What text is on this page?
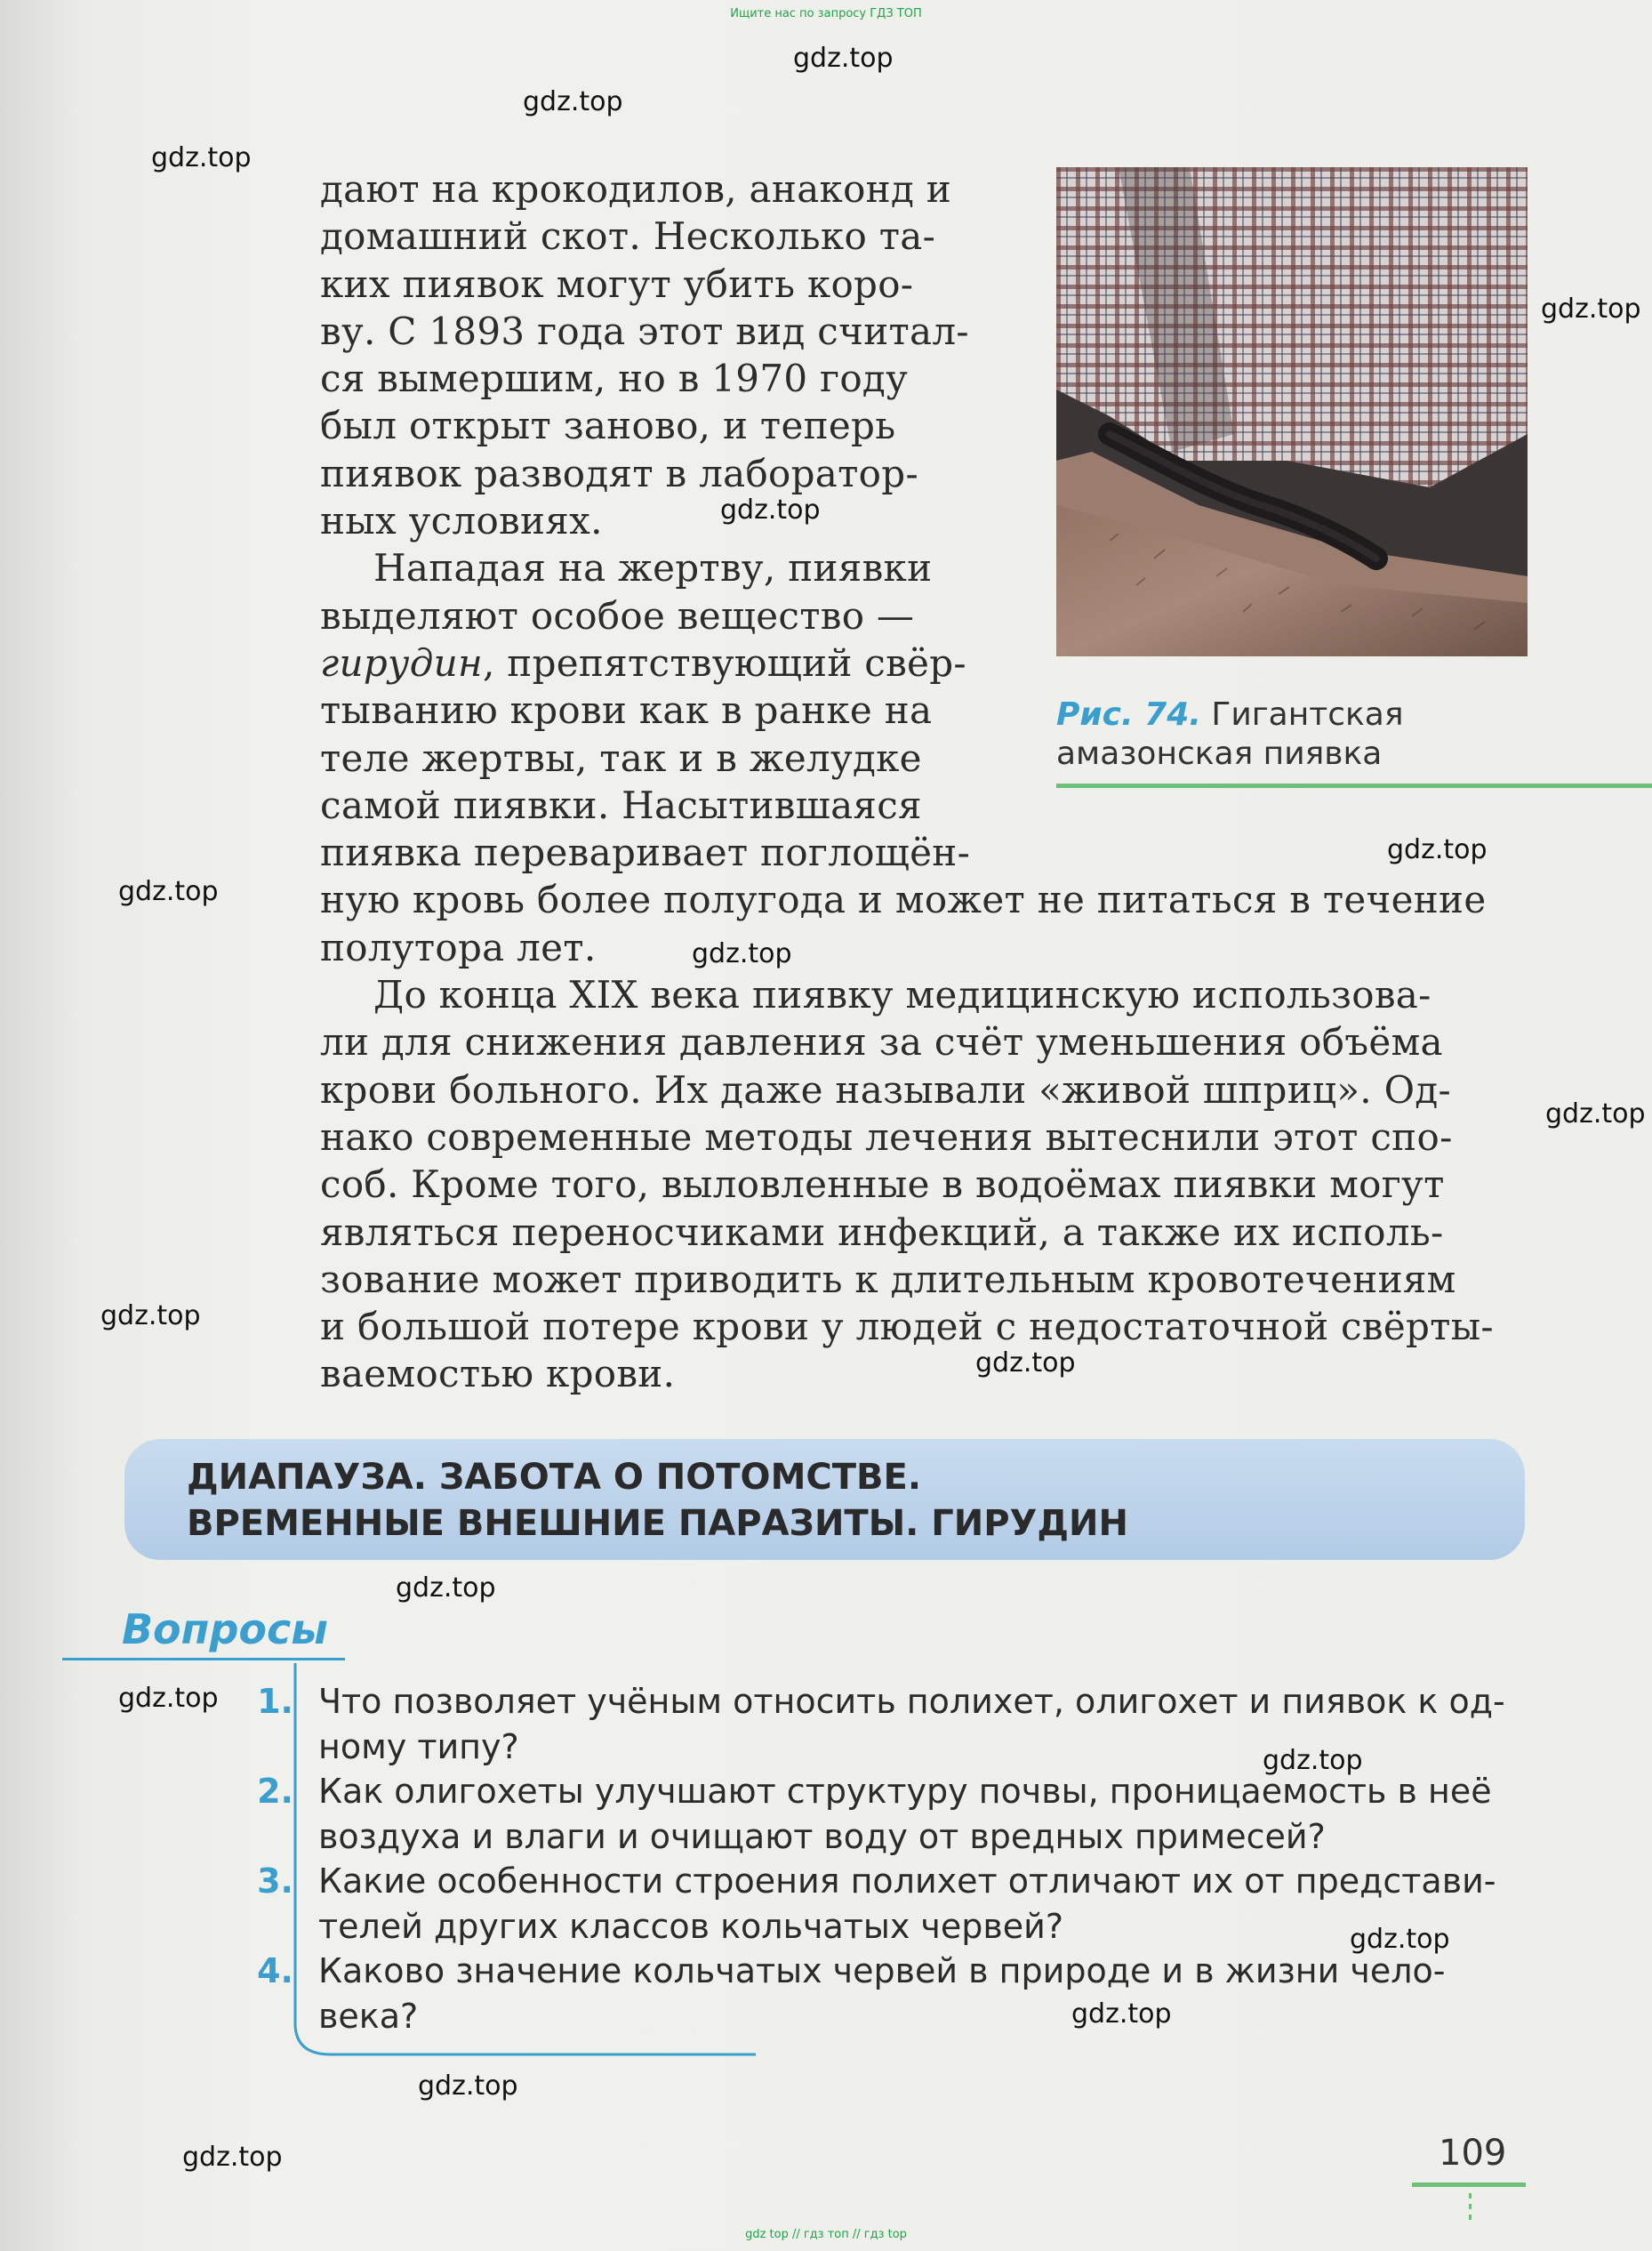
Ищите нас по запросу ГДЗ ТОП
gdz.top
gdz.top
gdz.top
gdz.top
gdz.top
gdz.top
gdz.top
gdz.top
gdz.top
gdz.top
gdz.top
gdz.top
gdz.top
gdz.top
gdz.top
gdz.top
gdz.top
gdz.top

дают на крокодилов, анаконд и

домашний скот. Несколько та-

ких пиявок могут убить коро-

ву. С 1893 года этот вид считал-

ся вымершим, но в 1970 году

был открыт заново, и теперь

пиявок разводят в лаборатор-

ных условиях.

Нападая на жертву, пиявки

выделяют особое вещество —

гирудин, препятствующий свёр-

тыванию крови как в ранке на

теле жертвы, так и в желудке

самой пиявки. Насытившаяся

пиявка переваривает поглощён-

ную кровь более полугода и может не питаться в течение

полутора лет.

До конца XIX века пиявку медицинскую использова-

ли для снижения давления за счёт уменьшения объёма

крови больного. Их даже называли «живой шприц». Од-

нако современные методы лечения вытеснили этот спо-

соб. Кроме того, выловленные в водоёмах пиявки могут

являться переносчиками инфекций, а также их исполь-

зование может приводить к длительным кровотечениям

и большой потере крови у людей с недостаточной свёрты-

ваемостью крови.

Рис. 74. Гигантская
амазонская пиявка
ДИАПАУЗА. ЗАБОТА О ПОТОМСТВЕ.
ВРЕМЕННЫЕ ВНЕШНИЕ ПАРАЗИТЫ. ГИРУДИН
Вопросы
1. Что позволяет учёным относить полихет, олигохет и пиявок к од-
ному типу?
2. Как олигохеты улучшают структуру почвы, проницаемость в неё
воздуха и влаги и очищают воду от вредных примесей?
3. Какие особенности строения полихет отличают их от представи-
телей других классов кольчатых червей?
4. Каково значение кольчатых червей в природе и в жизни чело-
века?
109
gdz top // гдз топ // гдз top
